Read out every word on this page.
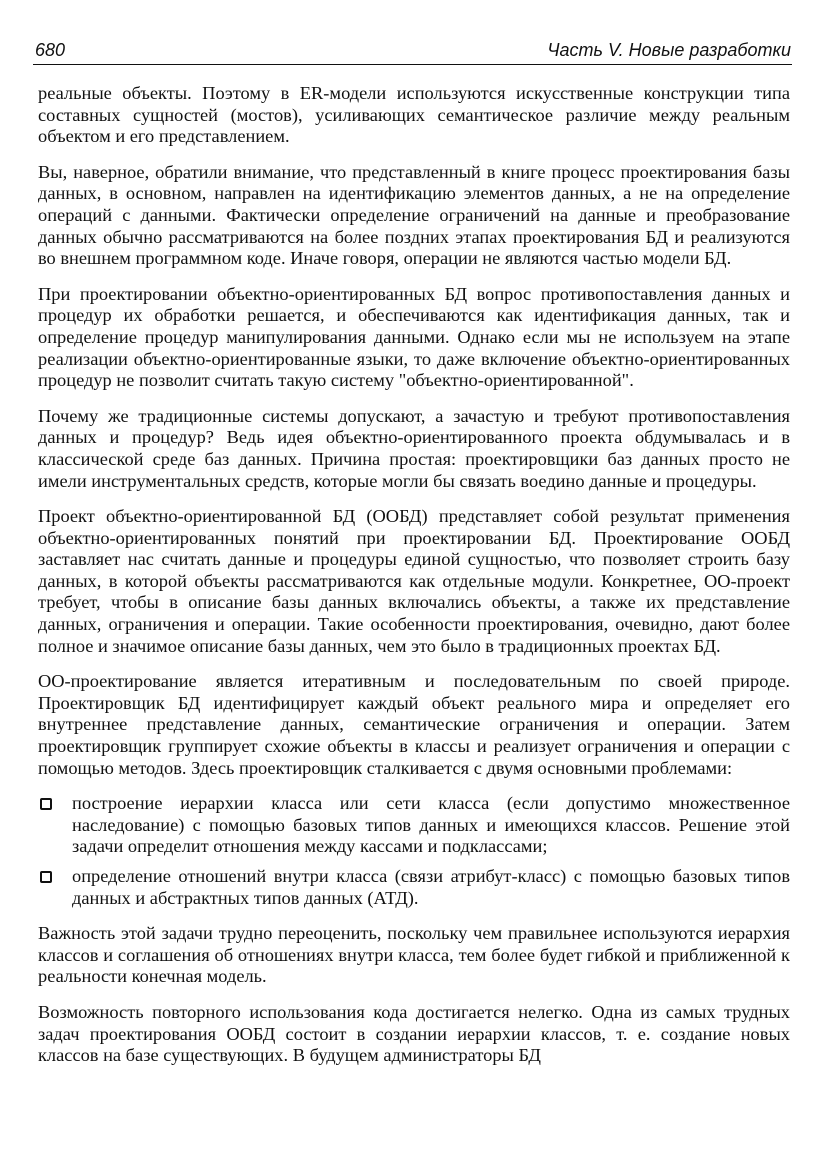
680	Часть V. Новые разработки

реальные объекты. Поэтому в ER-модели используются искусственные конструкции типа составных сущностей (мостов), усиливающих семантическое различие между реальным объектом и его представлением.

Вы, наверное, обратили внимание, что представленный в книге процесс проектирования базы данных, в основном, направлен на идентификацию элементов данных, а не на определение операций с данными. Фактически определение ограничений на данные и преобразование данных обычно рассматриваются на более поздних этапах проектирования БД и реализуются во внешнем программном коде. Иначе говоря, операции не являются частью модели БД.

При проектировании объектно-ориентированных БД вопрос противопоставления данных и процедур их обработки решается, и обеспечиваются как идентификация данных, так и определение процедур манипулирования данными. Однако если мы не используем на этапе реализации объектно-ориентированные языки, то даже включение объектно-ориентированных процедур не позволит считать такую систему "объектно-ориентированной".

Почему же традиционные системы допускают, а зачастую и требуют противопоставления данных и процедур? Ведь идея объектно-ориентированного проекта обдумывалась и в классической среде баз данных. Причина простая: проектировщики баз данных просто не имели инструментальных средств, которые могли бы связать воедино данные и процедуры.

Проект объектно-ориентированной БД (ООБД) представляет собой результат применения объектно-ориентированных понятий при проектировании БД. Проектирование ООБД заставляет нас считать данные и процедуры единой сущностью, что позволяет строить базу данных, в которой объекты рассматриваются как отдельные модули. Конкретнее, ОО-проект требует, чтобы в описание базы данных включались объекты, а также их представление данных, ограничения и операции. Такие особенности проектирования, очевидно, дают более полное и значимое описание базы данных, чем это было в традиционных проектах БД.

ОО-проектирование является итеративным и последовательным по своей природе. Проектировщик БД идентифицирует каждый объект реального мира и определяет его внутреннее представление данных, семантические ограничения и операции. Затем проектировщик группирует схожие объекты в классы и реализует ограничения и операции с помощью методов. Здесь проектировщик сталкивается с двумя основными проблемами:

построение иерархии класса или сети класса (если допустимо множественное наследование) с помощью базовых типов данных и имеющихся классов. Решение этой задачи определит отношения между кассами и подклассами;
определение отношений внутри класса (связи атрибут-класс) с помощью базовых типов данных и абстрактных типов данных (АТД).

Важность этой задачи трудно переоценить, поскольку чем правильнее используются иерархия классов и соглашения об отношениях внутри класса, тем более будет гибкой и приближенной к реальности конечная модель.

Возможность повторного использования кода достигается нелегко. Одна из самых трудных задач проектирования ООБД состоит в создании иерархии классов, т. е. создание новых классов на базе существующих. В будущем администраторы БД
